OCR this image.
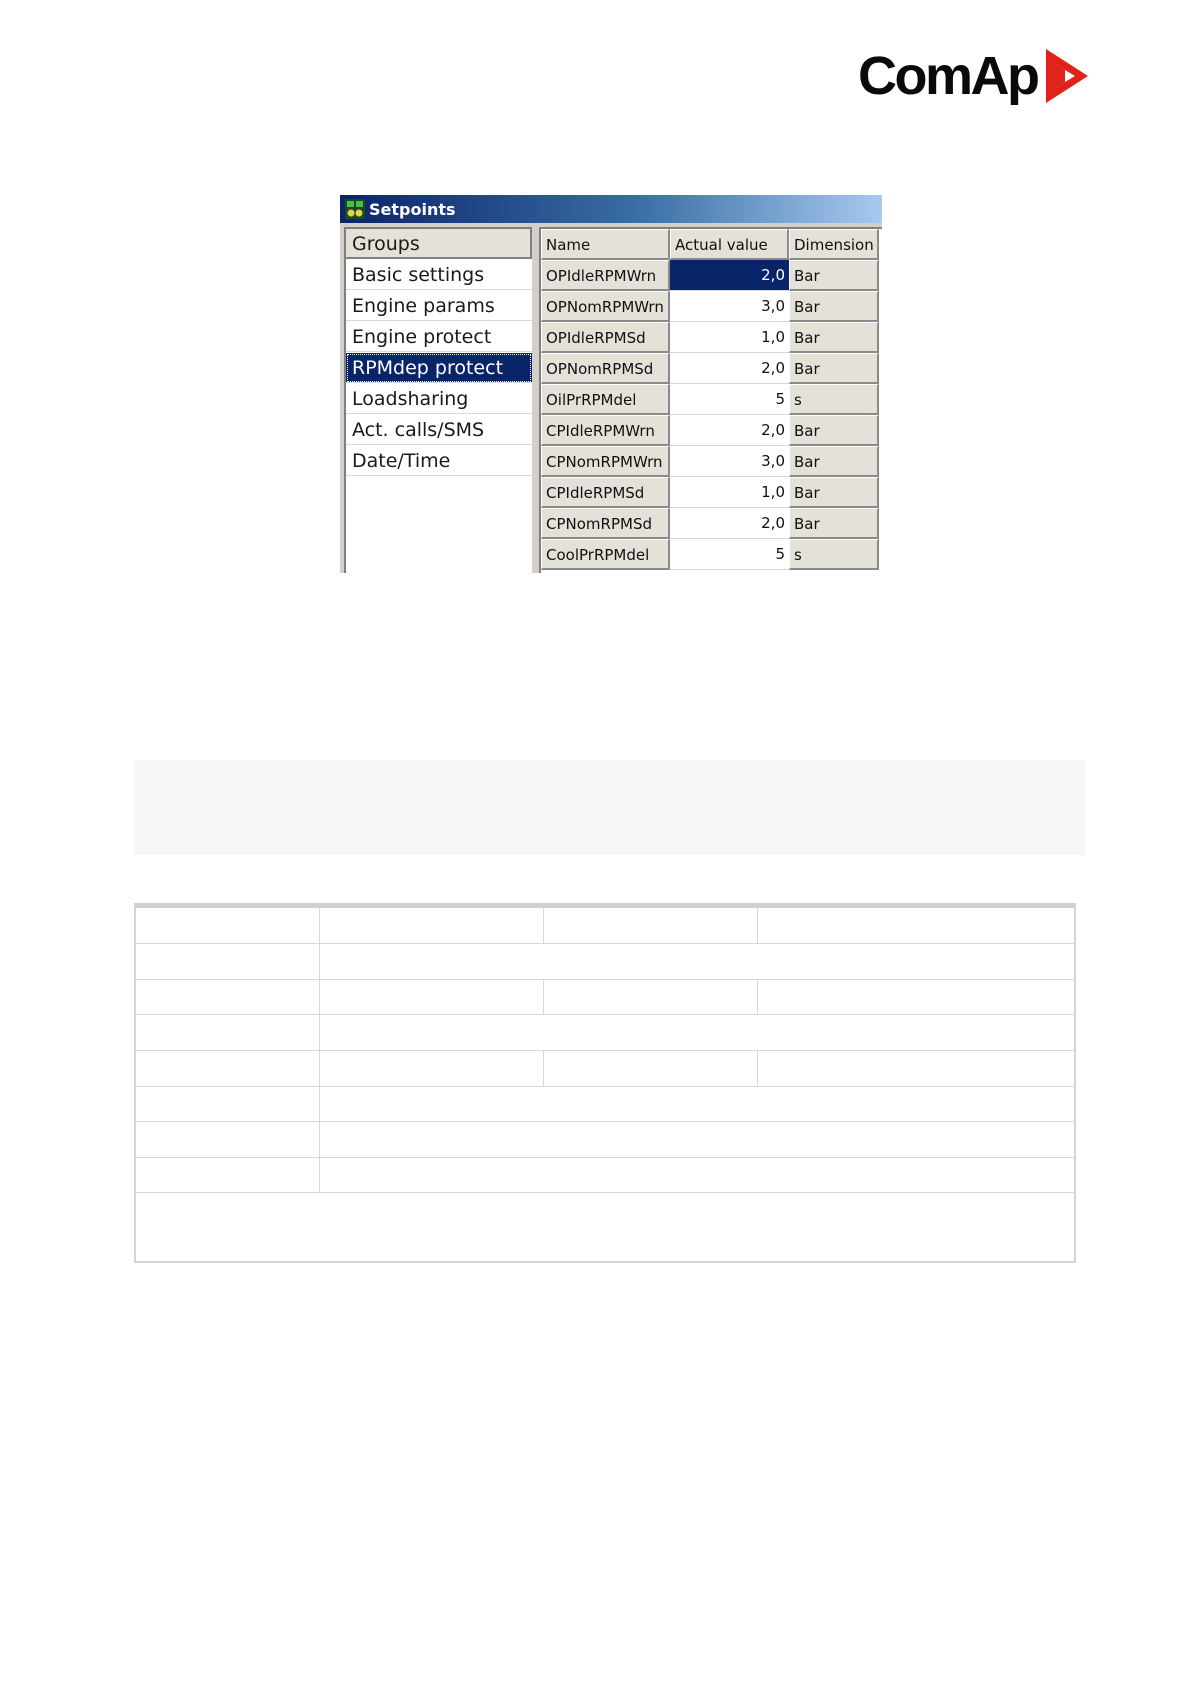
ComAp
Setpoints
Groups
Basic settings
Engine params
Engine protect
RPMdep protect
Loadsharing
Act. calls/SMS
Date/Time
Name	Actual value	Dimension
OPIdleRPMWrn	2,0 Bar
OPNomRPMWrn	3,0 Bar
OPIdleRPMSd	1,0 Bar
OPNomRPMSd	2,0 Bar
OilPrRPMdel	5 s
CPIdleRPMWrn	2,0 Bar
CPNomRPMWrn	3,0 Bar
CPIdleRPMSd	1,0 Bar
CPNomRPMSd	2,0 Bar
CoolPrRPMdel	5 s
